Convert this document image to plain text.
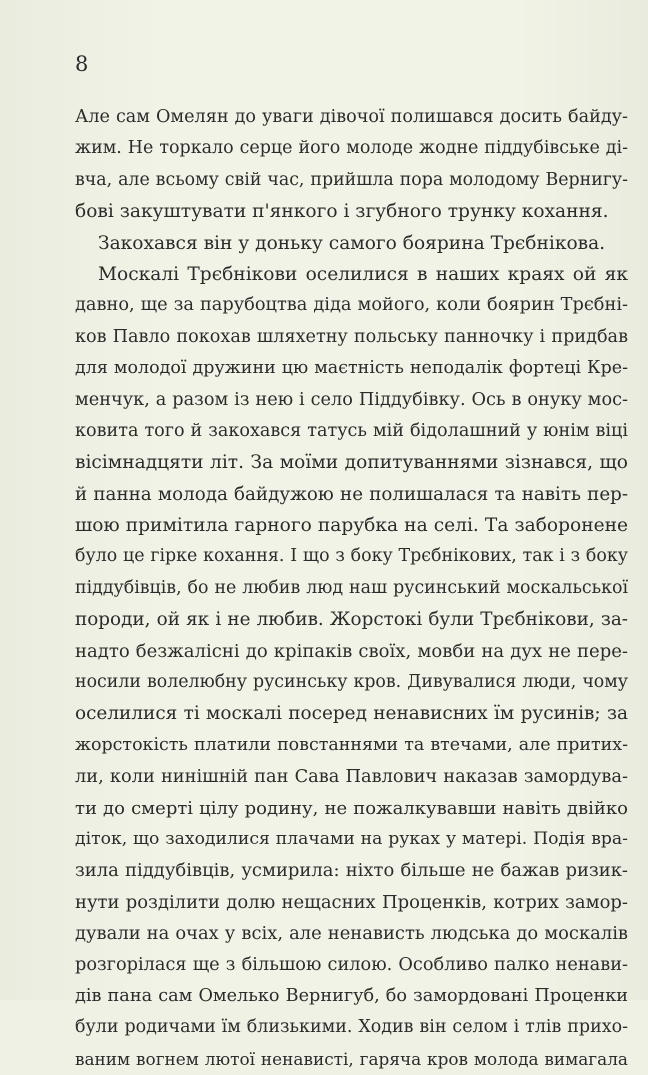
8
Але сам Омелян до уваги дівочої полишався досить байду-
жим. Не торкало серце його молоде жодне піддубівське ді-
вча, але всьому свій час, прийшла пора молодому Вернигу-
бові закуштувати п'янкого і згубного трунку кохання.
Закохався він у доньку самого боярина Трєбнікова.
Москалі Трєбнікови оселилися в наших краях ой як
давно, ще за парубоцтва діда мойого, коли боярин Трєбні-
ков Павло покохав шляхетну польську панночку і придбав
для молодої дружини цю маєтність неподалік фортеці Кре-
менчук, а разом із нею і село Піддубівку. Ось в онуку мос-
ковита того й закохався татусь мій бідолашний у юнім віці
вісімнадцяти літ. За моїми допитуваннями зізнався, що
й панна молода байдужою не полишалася та навіть пер-
шою примітила гарного парубка на селі. Та заборонене
було це гірке кохання. І що з боку Трєбнікових, так і з боку
піддубівців, бо не любив люд наш русинський москальської
породи, ой як і не любив. Жорстокі були Трєбнікови, за-
надто безжалісні до кріпаків своїх, мовби на дух не пере-
носили волелюбну русинську кров. Дивувалися люди, чому
оселилися ті москалі посеред ненависних їм русинів; за
жорстокість платили повстаннями та втечами, але притих-
ли, коли нинішній пан Сава Павлович наказав замордува-
ти до смерті цілу родину, не пожалкувавши навіть двійко
діток, що заходилися плачами на руках у матері. Подія вра-
зила піддубівців, усмирила: ніхто більше не бажав ризик-
нути розділити долю нещасних Проценків, котрих замор-
дували на очах у всіх, але ненависть людська до москалів
розгорілася ще з більшою силою. Особливо палко ненави-
дів пана сам Омелько Вернигуб, бо замордовані Проценки
були родичами їм близькими. Ходив він селом і тлів прихо-
ваним вогнем лютої ненависті, гаряча кров молода вимагала
